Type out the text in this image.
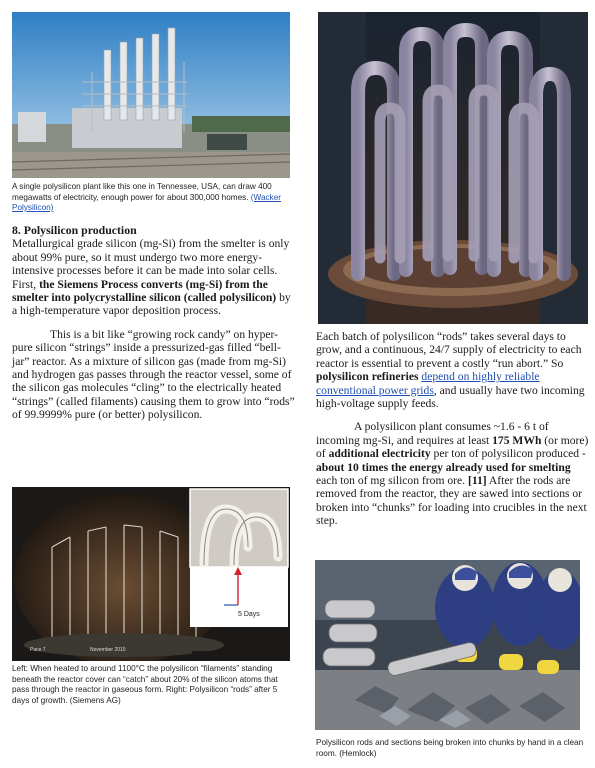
A single polysilicon plant like this one in Tennessee, USA, can draw 400 megawatts of electricity, enough power for about 300,000 homes. (Wacker Polysilicon)

8. Polysilicon production

Metallurgical grade silicon (mg-Si) from the smelter is only about 99% pure, so it must undergo two more energy-intensive processes before it can be made into solar cells. First, the Siemens Process converts (mg-Si) from the smelter into polycrystalline silicon (called polysilicon) by a high-temperature vapor deposition process.

This is a bit like “growing rock candy” on hyper-pure silicon “strings” inside a pressurized-gas filled “bell-jar” reactor. As a mixture of silicon gas (made from mg-Si) and hydrogen gas passes through the reactor vessel, some of the silicon gas molecules “cling” to the electrically heated “strings” (called filaments) causing them to grow into “rods” of 99.9999% pure (or better) polysilicon.

5 Days
Pace 7	November 2010
Left: When heated to around 1100°C the polysilicon “filaments” standing beneath the reactor cover can “catch” about 20% of the silicon atoms that pass through the reactor in gaseous form. Right: Polysilicon “rods” after 5 days of growth. (Siemens AG)

Each batch of polysilicon “rods” takes several days to grow, and a continuous, 24/7 supply of electricity to each reactor is essential to prevent a costly “run abort.” So polysilicon refineries depend on highly reliable conventional power grids, and usually have two incoming high-voltage supply feeds.

A polysilicon plant consumes ~1.6 - 6 t of incoming mg-Si, and requires at least 175 MWh (or more) of additional electricity per ton of polysilicon produced - about 10 times the energy already used for smelting each ton of mg silicon from ore. [11] After the rods are removed from the reactor, they are sawed into sections or broken into “chunks” for loading into crucibles in the next step.

Polysilicon rods and sections being broken into chunks by hand in a clean room. (Hemlock)
